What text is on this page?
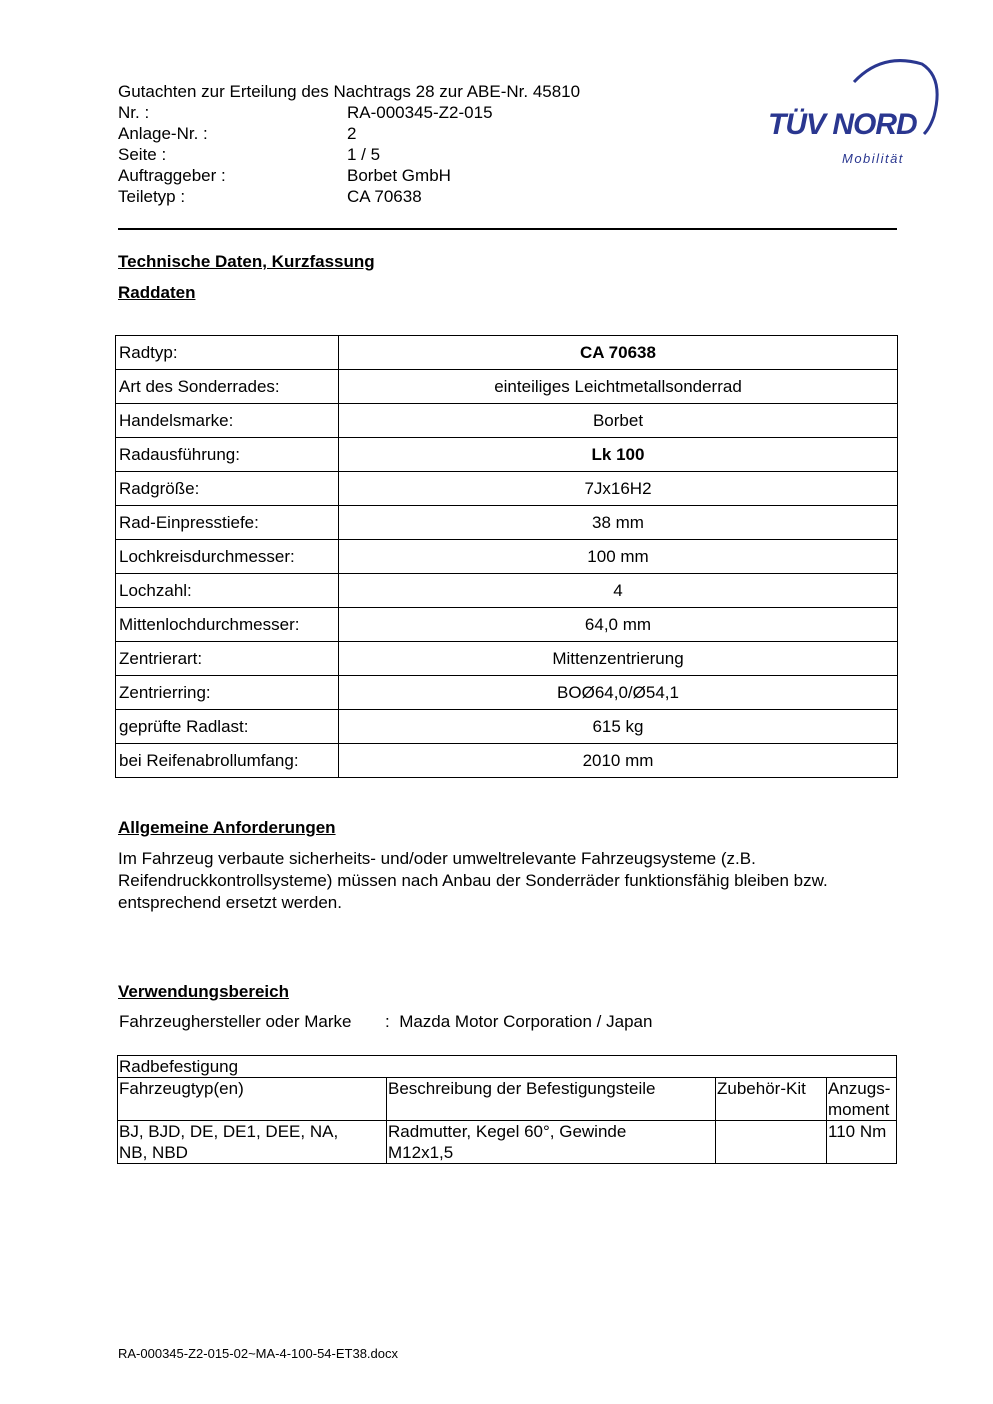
Gutachten zur Erteilung des Nachtrags 28 zur ABE-Nr. 45810
Nr. :	RA-000345-Z2-015
Anlage-Nr. :	2
Seite :	1 / 5
Auftraggeber :	Borbet GmbH
Teiletyp :	CA 70638
TÜV NORD
Mobilität
Technische Daten, Kurzfassung
Raddaten
Radtyp:	CA 70638
Art des Sonderrades:	einteiliges Leichtmetallsonderrad
Handelsmarke:	Borbet
Radausführung:	Lk 100
Radgröße:	7Jx16H2
Rad-Einpresstiefe:	38 mm
Lochkreisdurchmesser:	100 mm
Lochzahl:	4
Mittenlochdurchmesser:	64,0 mm
Zentrierart:	Mittenzentrierung
Zentrierring:	BOØ64,0/Ø54,1
geprüfte Radlast:	615 kg
bei Reifenabrollumfang:	2010 mm
Allgemeine Anforderungen
Im Fahrzeug verbaute sicherheits- und/oder umweltrelevante Fahrzeugsysteme (z.B. Reifendruckkontrollsysteme) müssen nach Anbau der Sonderräder funktionsfähig bleiben bzw. entsprechend ersetzt werden.
Verwendungsbereich
Fahrzeughersteller oder Marke : Mazda Motor Corporation / Japan
Radbefestigung			
Fahrzeugtyp(en)	Beschreibung der Befestigungsteile	Zubehör-Kit	Anzugs-
moment
BJ, BJD, DE, DE1, DEE, NA,
NB, NBD	Radmutter, Kegel 60°, Gewinde
M12x1,5		110 Nm
RA-000345-Z2-015-02~MA-4-100-54-ET38.docx
